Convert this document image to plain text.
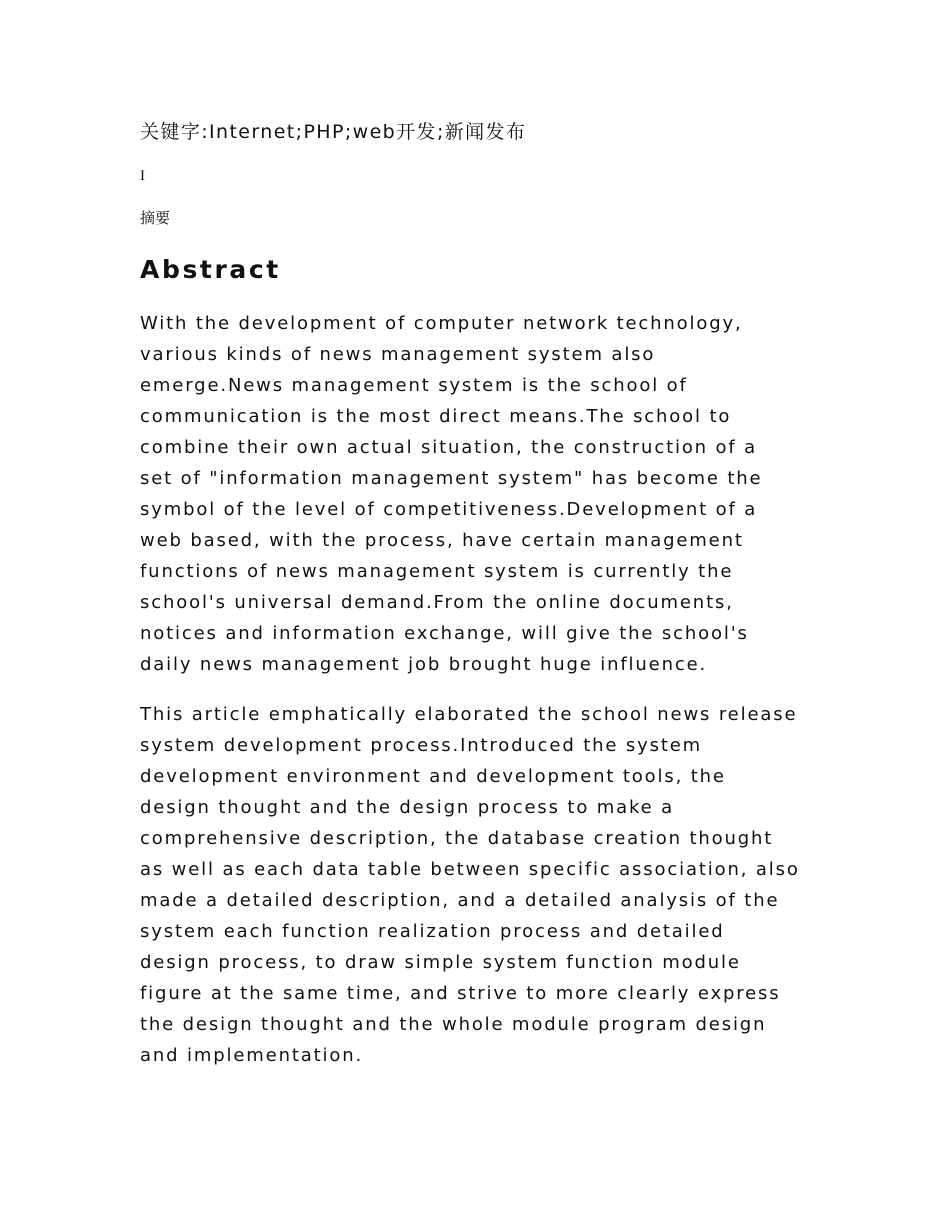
关键字:Internet;PHP;web开发;新闻发布
I
摘要
Abstract

With the development of computer network technology,
various kinds of news management system also
emerge.News management system is the school of
communication is the most direct means.The school to
combine their own actual situation, the construction of a
set of "information management system" has become the
symbol of the level of competitiveness.Development of a
web based, with the process, have certain management
functions of news management system is currently the
school's universal demand.From the online documents,
notices and information exchange, will give the school's
daily news management job brought huge influence.

This article emphatically elaborated the school news release
system development process.Introduced the system
development environment and development tools, the
design thought and the design process to make a
comprehensive description, the database creation thought
as well as each data table between specific association, also
made a detailed description, and a detailed analysis of the
system each function realization process and detailed
design process, to draw simple system function module
figure at the same time, and strive to more clearly express
the design thought and the whole module program design
and implementation.
